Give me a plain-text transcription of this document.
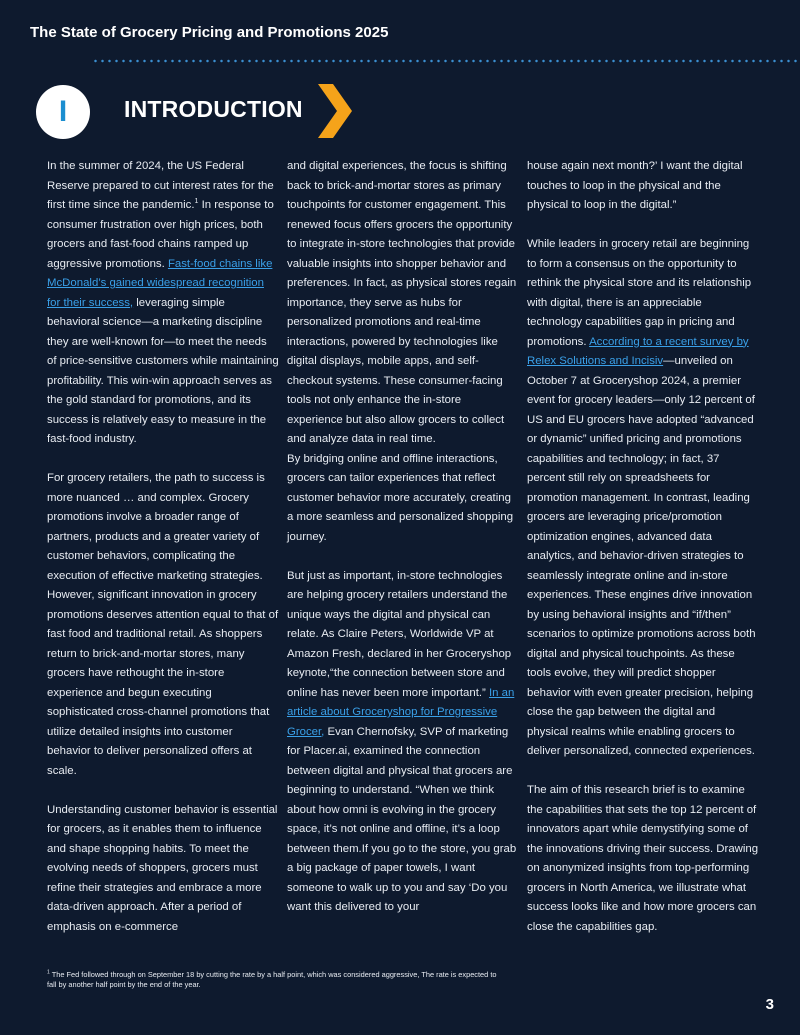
The State of Grocery Pricing and Promotions 2025
I INTRODUCTION

In the summer of 2024, the US Federal Reserve prepared to cut interest rates for the first time since the pandemic.$^1$ In response to consumer frustration over high prices, both grocers and fast-food chains ramped up aggressive promotions. Fast-food chains like McDonald’s gained widespread recognition for their success, leveraging simple behavioral science—a marketing discipline they are well-known for—to meet the needs of price-sensitive customers while maintaining profitability. This win-win approach serves as the gold standard for promotions, and its success is relatively easy to measure in the fast-food industry.

For grocery retailers, the path to success is more nuanced … and complex. Grocery promotions involve a broader range of partners, products and a greater variety of customer behaviors, complicating the execution of effective marketing strategies. However, significant innovation in grocery promotions deserves attention equal to that of fast food and traditional retail. As shoppers return to brick-and-mortar stores, many grocers have rethought the in-store experience and begun executing sophisticated cross-channel promotions that utilize detailed insights into customer behavior to deliver personalized offers at scale.

Understanding customer behavior is essential for grocers, as it enables them to influence and shape shopping habits. To meet the evolving needs of shoppers, grocers must refine their strategies and embrace a more data-driven approach. After a period of emphasis on e-commerce

and digital experiences, the focus is shifting back to brick-and-mortar stores as primary touchpoints for customer engagement. This renewed focus offers grocers the opportunity to integrate in-store technologies that provide valuable insights into shopper behavior and preferences. In fact, as physical stores regain importance, they serve as hubs for personalized promotions and real-time interactions, powered by technologies like digital displays, mobile apps, and self-checkout systems. These consumer-facing tools not only enhance the in-store experience but also allow grocers to collect and analyze data in real time.

By bridging online and offline interactions, grocers can tailor experiences that reflect customer behavior more accurately, creating a more seamless and personalized shopping journey.

But just as important, in-store technologies are helping grocery retailers understand the unique ways the digital and physical can relate. As Claire Peters, Worldwide VP at Amazon Fresh, declared in her Groceryshop keynote,“the connection between store and online has never been more important.” In an article about Groceryshop for Progressive Grocer, Evan Chernofsky, SVP of marketing for Placer.ai, examined the connection between digital and physical that grocers are beginning to understand. “When we think about how omni is evolving in the grocery space, it’s not online and offline, it’s a loop between them.If you go to the store, you grab a big package of paper towels, I want someone to walk up to you and say ‘Do you want this delivered to your

house again next month?’ I want the digital touches to loop in the physical and the physical to loop in the digital.”

While leaders in grocery retail are beginning to form a consensus on the opportunity to rethink the physical store and its relationship with digital, there is an appreciable technology capabilities gap in pricing and promotions. According to a recent survey by Relex Solutions and Incisiv—unveiled on October 7 at Groceryshop 2024, a premier event for grocery leaders—only 12 percent of US and EU grocers have adopted “advanced or dynamic” unified pricing and promotions capabilities and technology; in fact, 37 percent still rely on spreadsheets for promotion management. In contrast, leading grocers are leveraging price/promotion optimization engines, advanced data analytics, and behavior-driven strategies to seamlessly integrate online and in-store experiences. These engines drive innovation by using behavioral insights and “if/then” scenarios to optimize promotions across both digital and physical touchpoints. As these tools evolve, they will predict shopper behavior with even greater precision, helping close the gap between the digital and physical realms while enabling grocers to deliver personalized, connected experiences.

The aim of this research brief is to examine the capabilities that sets the top 12 percent of innovators apart while demystifying some of the innovations driving their success. Drawing on anonymized insights from top-performing grocers in North America, we illustrate what success looks like and how more grocers can close the capabilities gap.

$^1$ The Fed followed through on September 18 by cutting the rate by a half point, which was considered aggressive, The rate is expected to fall by another half point by the end of the year.
3
